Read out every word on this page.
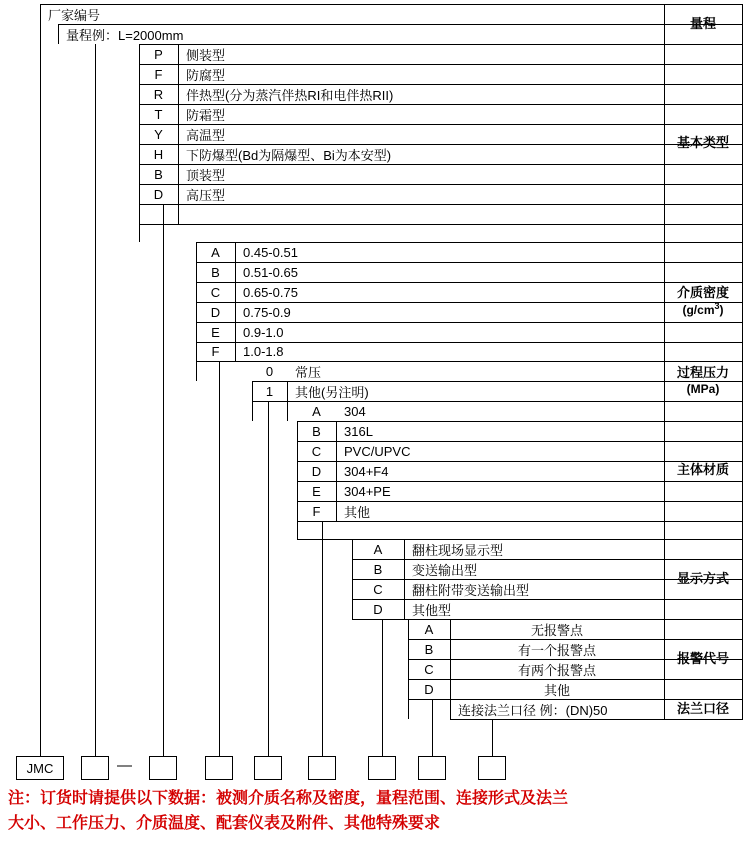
厂家编号
量程例：L=2000mm
P 侧装型
F 防腐型
R 伴热型(分为蒸汽伴热RI和电伴热RII)
T 防霜型
Y 高温型
H 下防爆型(Bd为隔爆型、Bi为本安型)
B 顶装型
D 高压型
A 0.45-0.51
B 0.51-0.65
C 0.65-0.75
D 0.75-0.9
E 0.9-1.0
F 1.0-1.8
0 常压
1 其他(另注明)
A 304
B 316L
C PVC/UPVC
D 304+F4
E 304+PE
F 其他
A 翻柱现场显示型
B 变送输出型
C 翻柱附带变送输出型
D 其他型
A	无报警点
B	有一个报警点
C	有两个报警点
D	其他
连接法兰口径 例：(DN)50
量程
基本类型
介质密度
$(g/cm^3)$
过程压力
(MPa)
主体材质
显示方式
报警代号
法兰口径
JMC	—
注：订货时请提供以下数据：被测介质名称及密度，量程范围、连接形式及法兰
大小、工作压力、介质温度、配套仪表及附件、其他特殊要求
